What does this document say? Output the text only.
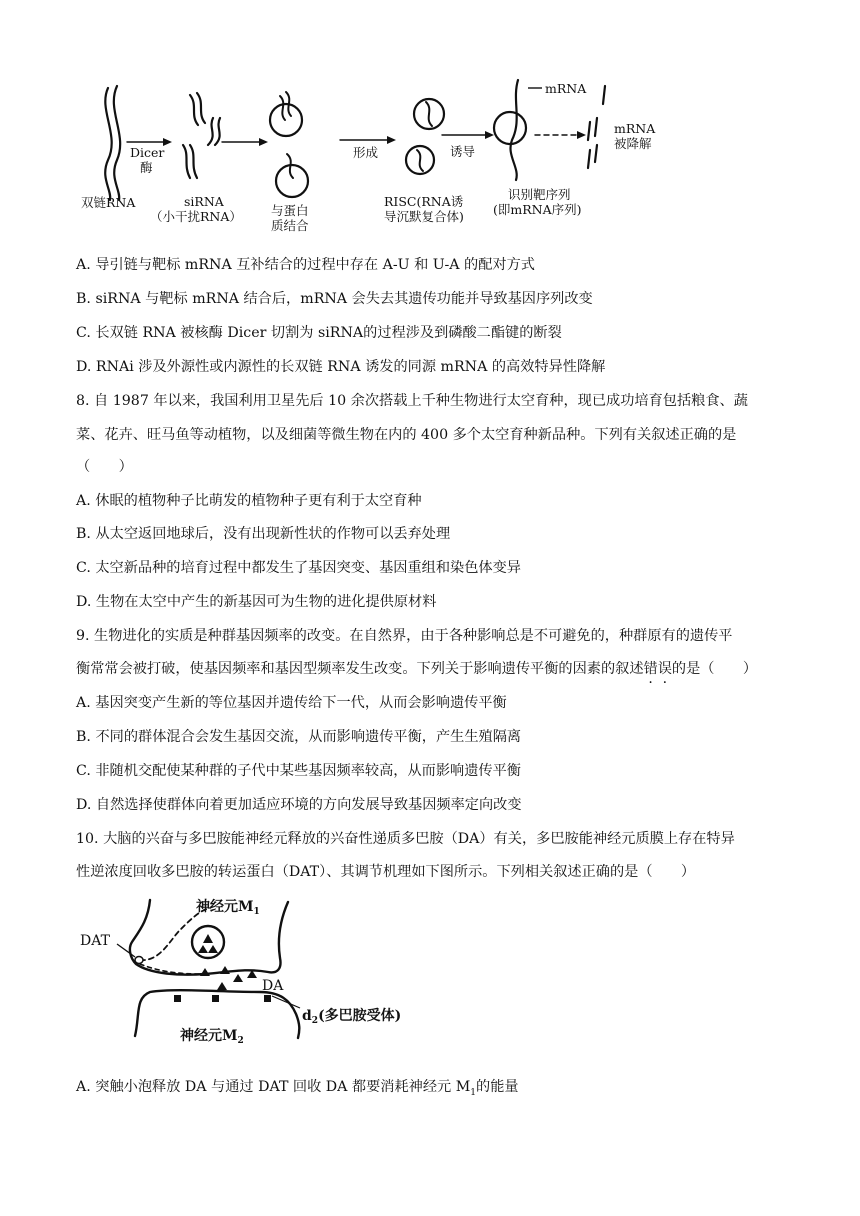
双链RNA
Dicer
酶
siRNA
（小干扰RNA） 与蛋白
质结合
形成
RISC(RNA诱
导沉默复合体)
诱导
识别靶序列
(即mRNA序列)
mRNA
mRNA
被降解
A. 导引链与靶标 mRNA 互补结合的过程中存在 A-U 和 U-A 的配对方式
B. siRNA 与靶标 mRNA 结合后，mRNA 会失去其遗传功能并导致基因序列改变
C. 长双链 RNA 被核酶 Dicer 切割为 siRNA的过程涉及到磷酸二酯键的断裂
D. RNAi 涉及外源性或内源性的长双链 RNA 诱发的同源 mRNA 的高效特异性降解
8. 自 1987 年以来，我国利用卫星先后 10 余次搭载上千种生物进行太空育种，现已成功培育包括粮食、蔬
菜、花卉、旺马鱼等动植物，以及细菌等微生物在内的 400 多个太空育种新品种。下列有关叙述正确的是
（　　）
A. 休眠的植物种子比萌发的植物种子更有利于太空育种
B. 从太空返回地球后，没有出现新性状的作物可以丢弃处理
C. 太空新品种的培育过程中都发生了基因突变、基因重组和染色体变异
D. 生物在太空中产生的新基因可为生物的进化提供原材料
9. 生物进化的实质是种群基因频率的改变。在自然界，由于各种影响总是不可避免的，种群原有的遗传平
衡常常会被打破，使基因频率和基因型频率发生改变。下列关于影响遗传平衡的因素的叙述错误的是（　　）
A. 基因突变产生新的等位基因并遗传给下一代，从而会影响遗传平衡
B. 不同的群体混合会发生基因交流，从而影响遗传平衡，产生生殖隔离
C. 非随机交配使某种群的子代中某些基因频率较高，从而影响遗传平衡
D. 自然选择使群体向着更加适应环境的方向发展导致基因频率定向改变
10. 大脑的兴奋与多巴胺能神经元释放的兴奋性递质多巴胺（DA）有关，多巴胺能神经元质膜上存在特异
性逆浓度回收多巴胺的转运蛋白（DAT）、其调节机理如下图所示。下列相关叙述正确的是（　　）
神经元$M_1$
DAT
DA
$d_2$(多巴胺受体)
神经元$M_2$
A. 突触小泡释放 DA 与通过 DAT 回收 DA 都要消耗神经元 $M_1$的能量
